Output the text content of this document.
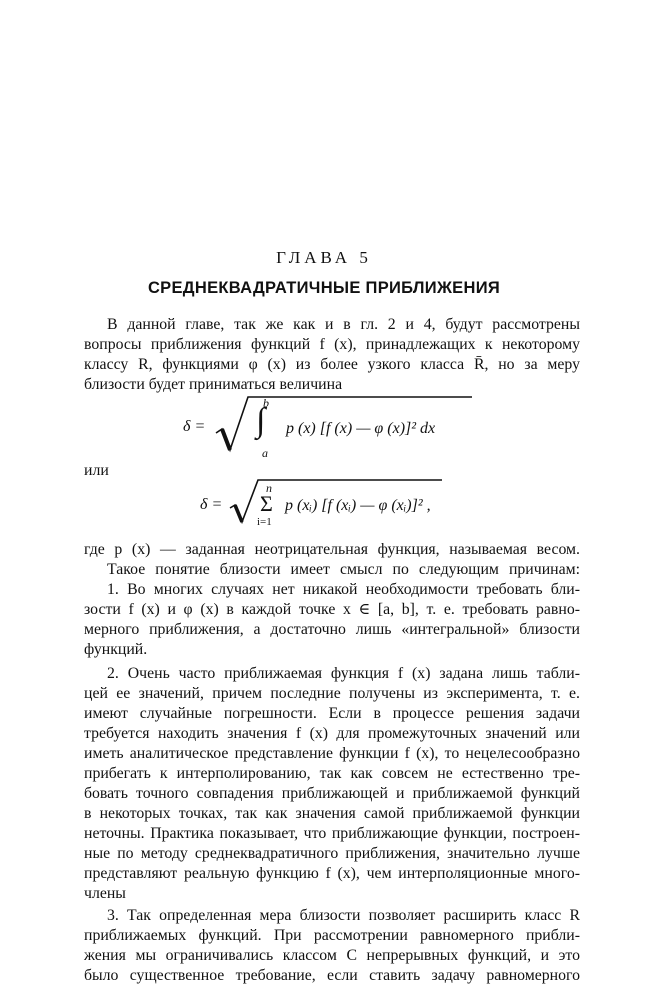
ГЛАВА 5
СРЕДНЕКВАДРАТИЧНЫЕ ПРИБЛИЖЕНИЯ
В данной главе, так же как и в гл. 2 и 4, будут рассмотрены
вопросы приближения функций f (x), принадлежащих к некоторому
классу R, функциями φ (x) из более узкого класса R̄, но за меру
близости будет приниматься величина
δ =
b
∫
a
p (x) [f (x) — φ (x)]² dx
или
δ =
n
Σ
i=1
p (xᵢ) [f (xᵢ) — φ (xᵢ)]² ,
где p (x) — заданная неотрицательная функция, называемая весом.
Такое понятие близости имеет смысл по следующим причинам:
1. Во многих случаях нет никакой необходимости требовать бли-
зости f (x) и φ (x) в каждой точке x ∈ [a, b], т. е. требовать равно-
мерного приближения, а достаточно лишь «интегральной» близости
функций.
2. Очень часто приближаемая функция f (x) задана лишь табли-
цей ее значений, причем последние получены из эксперимента, т. е.
имеют случайные погрешности. Если в процессе решения задачи
требуется находить значения f (x) для промежуточных значений или
иметь аналитическое представление функции f (x), то нецелесообразно
прибегать к интерполированию, так как совсем не естественно тре-
бовать точного совпадения приближающей и приближаемой функций
в некоторых точках, так как значения самой приближаемой функции
неточны. Практика показывает, что приближающие функции, построен-
ные по методу среднеквадратичного приближения, значительно лучше
представляют реальную функцию f (x), чем интерполяционные много-
члены
3. Так определенная мера близости позволяет расширить класс R
приближаемых функций. При рассмотрении равномерного прибли-
жения мы ограничивались классом C непрерывных функций, и это
было существенное требование, если ставить задачу равномерного
